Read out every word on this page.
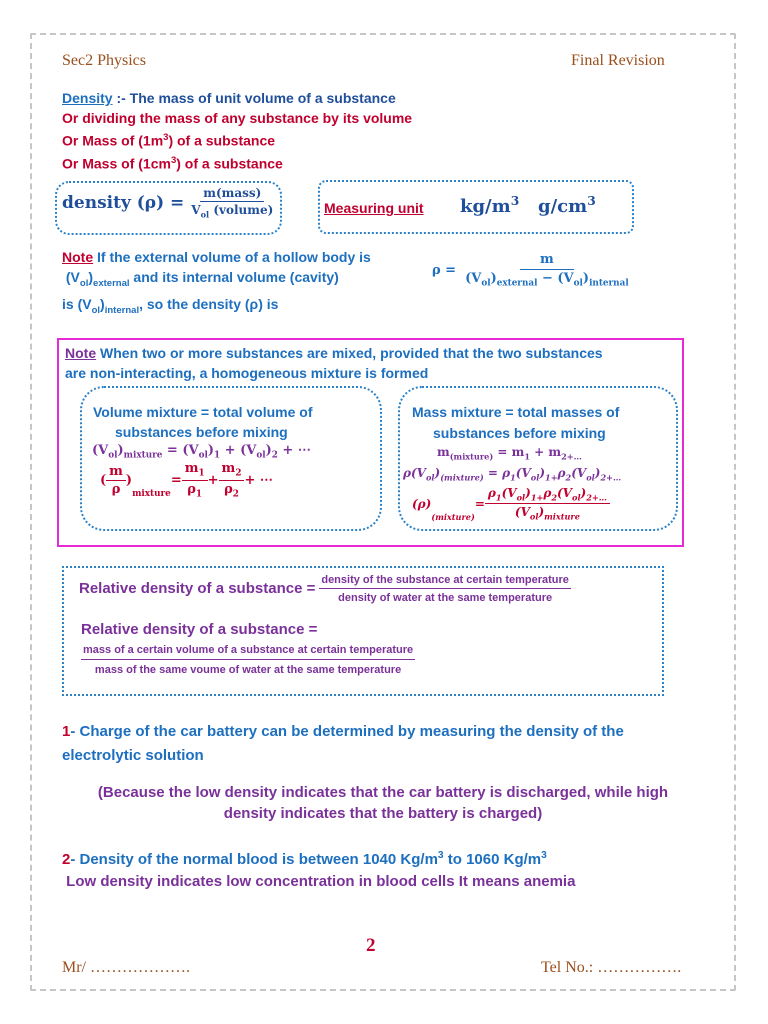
Sec2 Physics	Final Revision
Density :- The mass of unit volume of a substance
Or dividing the mass of any substance by its volume
Or Mass of $(1m^3)$ of a substance
Or Mass of $(1cm^3)$ of a substance
density $(\rho) = \frac{\text{m(mass)}}{V_{ol} (volume)}$	Measuring unit $kg/m^3$ $g/cm^3$
Note If the external volume of a hollow body is
$(V_{ol})_{external}$ and its internal volume (cavity)
is $(V_{ol})_{internal}$, so the density (ρ) is
$\rho = \frac{m}{(V_{ol})_{external} - (V_{ol})_{internal}}$
Note When two or more substances are mixed, provided that the two substances
are non-interacting, a homogeneous mixture is formed
Volume mixture = total volume of
substances before mixing
$(V_{ol})_{mixture} = (V_{ol})_1 + (V_{ol})_2$ + ⋯
( $\frac{m}{\rho}$ )
mixture
= $\frac{m_1}{\rho_1} + \frac{m_2}{\rho_2}$ + ⋯
Mass mixture = total masses of
substances before mixing
$m_{(mixture)} = m_1 + m_{2+\dots}$
$\rho(V_{ol})_{(mixture)} = \rho_1(V_{ol})_{1+}\rho_2(V_{ol})_{2+\dots}$
(ρ)
(mixture)
= $\frac{\rho_1(V_{ol})_{1+}\rho_2(V_{ol})_{2+\dots}}{(V_{ol})_{mixture}}$
Relative density of a substance = $\frac{\text{density of the substance at certain temperature}}{\text{density of water at the same temperature}}$
Relative density of a substance =
mass of a certain volume of a substance at certain temperature
mass of the same voume of water at the same temperature
1- Charge of the car battery can be determined by measuring the density of the
electrolytic solution
(Because the low density indicates that the car battery is discharged, while high
density indicates that the battery is charged)
2- Density of the normal blood is between 1040 $Kg/m^3$ to 1060 $Kg/m^3$
Low density indicates low concentration in blood cells It means anemia
2
Mr/ ……………….	Tel No.: …………….
